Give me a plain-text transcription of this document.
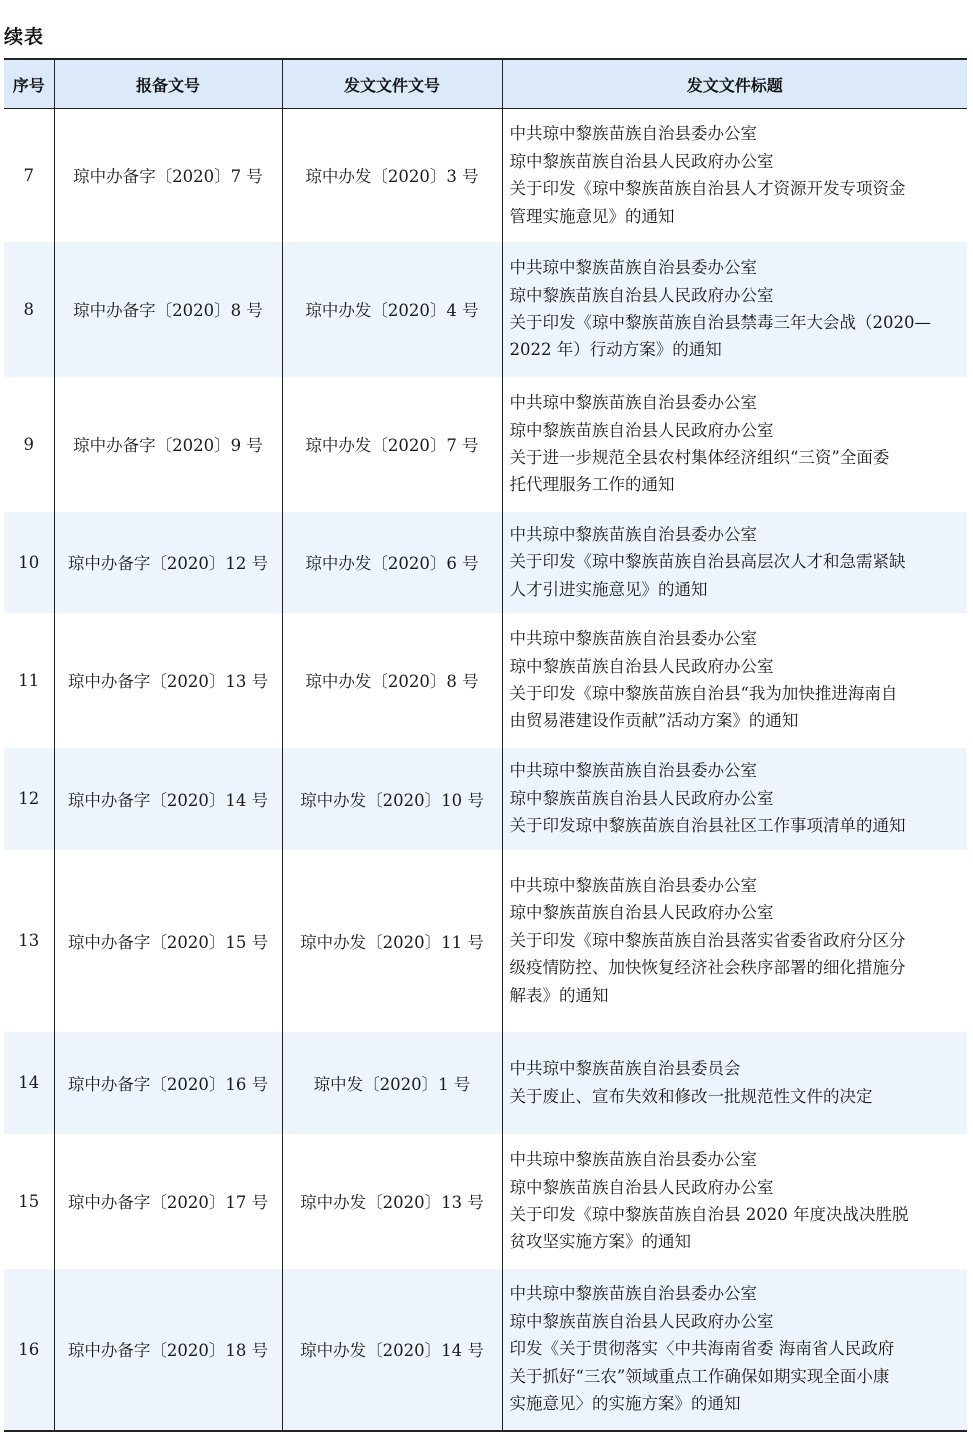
续表
序号	报备文号	发文文件文号	发文文件标题
7	琼中办备字〔2020〕7 号	琼中办发〔2020〕3 号	中共琼中黎族苗族自治县委办公室
琼中黎族苗族自治县人民政府办公室
关于印发《琼中黎族苗族自治县人才资源开发专项资金
管理实施意见》的通知

8	琼中办备字〔2020〕8 号	琼中办发〔2020〕4 号	中共琼中黎族苗族自治县委办公室
琼中黎族苗族自治县人民政府办公室
关于印发《琼中黎族苗族自治县禁毒三年大会战（2020—
2022 年）行动方案》的通知

9	琼中办备字〔2020〕9 号	琼中办发〔2020〕7 号	中共琼中黎族苗族自治县委办公室
琼中黎族苗族自治县人民政府办公室
关于进一步规范全县农村集体经济组织“三资”全面委
托代理服务工作的通知

10	琼中办备字〔2020〕12 号	琼中办发〔2020〕6 号	中共琼中黎族苗族自治县委办公室
关于印发《琼中黎族苗族自治县高层次人才和急需紧缺
人才引进实施意见》的通知

11	琼中办备字〔2020〕13 号	琼中办发〔2020〕8 号	中共琼中黎族苗族自治县委办公室
琼中黎族苗族自治县人民政府办公室
关于印发《琼中黎族苗族自治县“我为加快推进海南自
由贸易港建设作贡献”活动方案》的通知

12	琼中办备字〔2020〕14 号	琼中办发〔2020〕10 号	中共琼中黎族苗族自治县委办公室
琼中黎族苗族自治县人民政府办公室
关于印发琼中黎族苗族自治县社区工作事项清单的通知

13	琼中办备字〔2020〕15 号	琼中办发〔2020〕11 号	中共琼中黎族苗族自治县委办公室
琼中黎族苗族自治县人民政府办公室
关于印发《琼中黎族苗族自治县落实省委省政府分区分
级疫情防控、加快恢复经济社会秩序部署的细化措施分
解表》的通知

14	琼中办备字〔2020〕16 号	琼中发〔2020〕1 号	中共琼中黎族苗族自治县委员会
关于废止、宣布失效和修改一批规范性文件的决定

15	琼中办备字〔2020〕17 号	琼中办发〔2020〕13 号	中共琼中黎族苗族自治县委办公室
琼中黎族苗族自治县人民政府办公室
关于印发《琼中黎族苗族自治县 2020 年度决战决胜脱
贫攻坚实施方案》的通知

16	琼中办备字〔2020〕18 号	琼中办发〔2020〕14 号	中共琼中黎族苗族自治县委办公室
琼中黎族苗族自治县人民政府办公室
印发《关于贯彻落实〈中共海南省委 海南省人民政府
关于抓好“三农”领域重点工作确保如期实现全面小康
实施意见〉的实施方案》的通知
